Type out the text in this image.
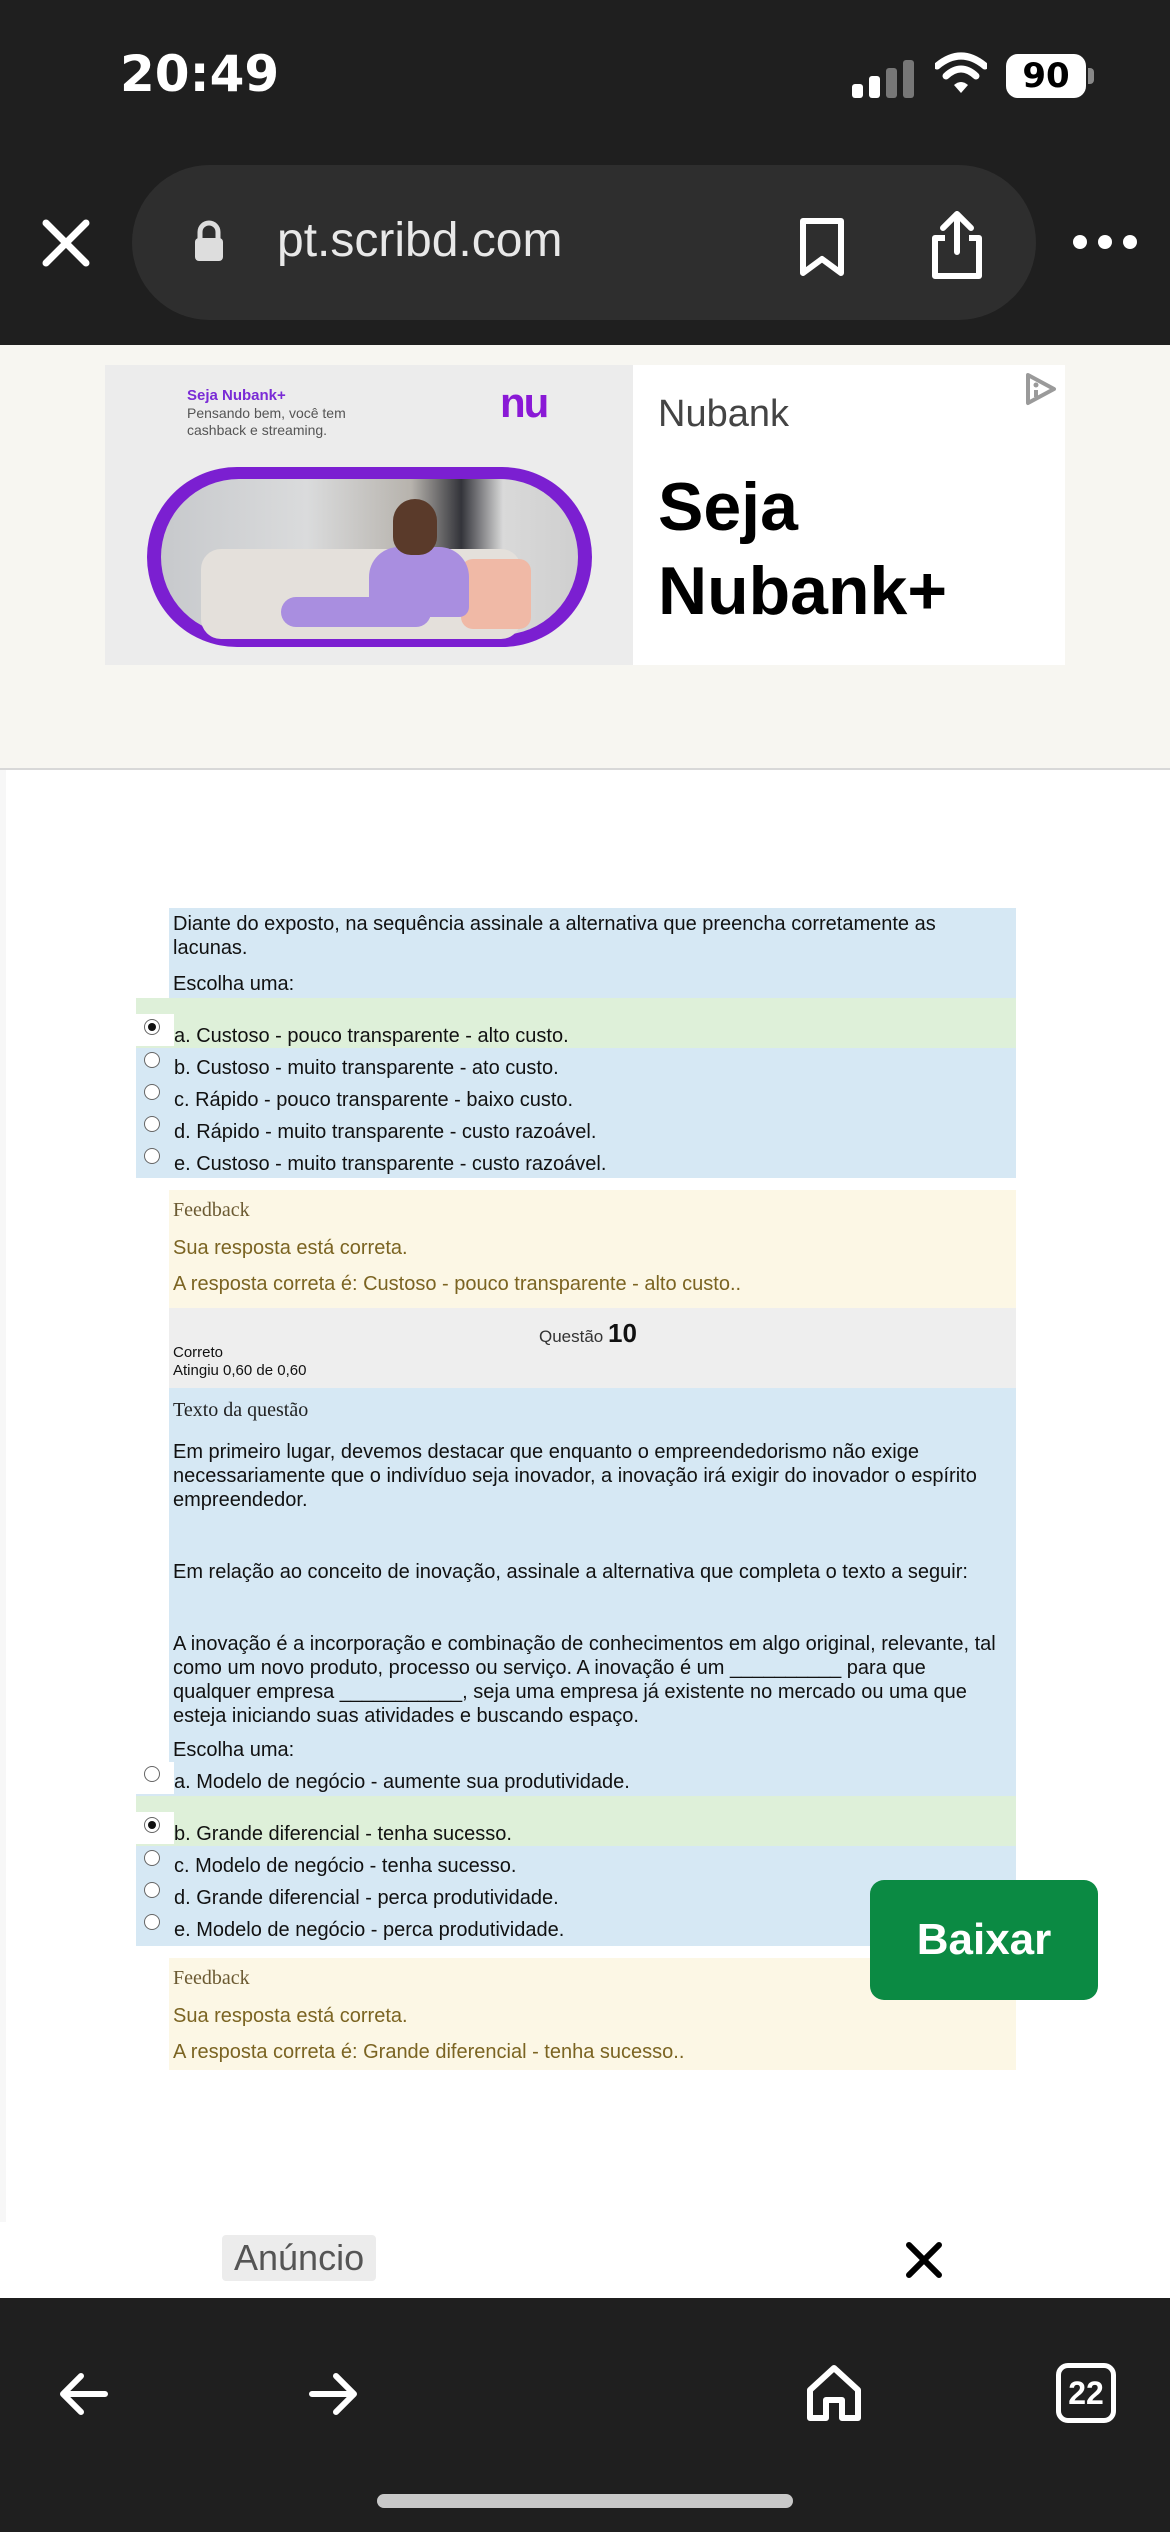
20:49	90
pt.scribd.com
Seja Nubank+
Pensando bem, você tem cashback e streaming.
nu	Nubank
Seja Nubank+
Diante do exposto, na sequência assinale a alternativa que preencha corretamente as lacunas.
Escolha uma:
a. Custoso - pouco transparente - alto custo.
b. Custoso - muito transparente - ato custo.
c. Rápido - pouco transparente - baixo custo.
d. Rápido - muito transparente - custo razoável.
e. Custoso - muito transparente - custo razoável.
Feedback
Sua resposta está correta.
A resposta correta é: Custoso - pouco transparente - alto custo..
Questão 10
Correto
Atingiu 0,60 de 0,60
Texto da questão
Em primeiro lugar, devemos destacar que enquanto o empreendedorismo não exige necessariamente que o indivíduo seja inovador, a inovação irá exigir do inovador o espírito empreendedor.
Em relação ao conceito de inovação, assinale a alternativa que completa o texto a seguir:
A inovação é a incorporação e combinação de conhecimentos em algo original, relevante, tal como um novo produto, processo ou serviço. A inovação é um __________ para que qualquer empresa ___________, seja uma empresa já existente no mercado ou uma que esteja iniciando suas atividades e buscando espaço.
Escolha uma:
a. Modelo de negócio - aumente sua produtividade.
b. Grande diferencial - tenha sucesso.
c. Modelo de negócio - tenha sucesso.
d. Grande diferencial - perca produtividade.
e. Modelo de negócio - perca produtividade.
Feedback
Sua resposta está correta.
A resposta correta é: Grande diferencial - tenha sucesso..
Baixar
Anúncio
22
